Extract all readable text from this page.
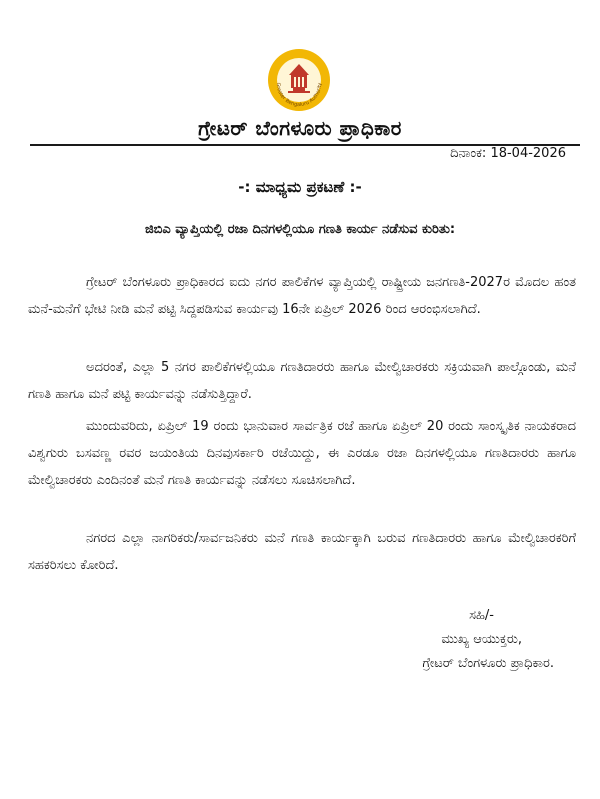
Greater Bengaluru Authority
ಗ್ರೇಟರ್ ಬೆಂಗಳೂರು ಪ್ರಾಧಿಕಾರ
ದಿನಾಂಕ: 18-04-2026
-: ಮಾಧ್ಯಮ ಪ್ರಕಟಣೆ :-
ಜಿಬಿಎ ವ್ಯಾಪ್ತಿಯಲ್ಲಿ ರಜಾ ದಿನಗಳಲ್ಲಿಯೂ ಗಣತಿ ಕಾರ್ಯ ನಡೆಸುವ ಕುರಿತು:

ಗ್ರೇಟರ್ ಬೆಂಗಳೂರು ಪ್ರಾಧಿಕಾರದ ಐದು ನಗರ ಪಾಲಿಕೆಗಳ ವ್ಯಾಪ್ತಿಯಲ್ಲಿ ರಾಷ್ಟ್ರೀಯ ಜನಗಣತಿ-2027ರ ಮೊದಲ ಹಂತ ಮನೆ-ಮನೆಗೆ ಭೇಟಿ ನೀಡಿ ಮನೆ ಪಟ್ಟಿ ಸಿದ್ದಪಡಿಸುವ ಕಾರ್ಯವು 16ನೇ ಏಪ್ರಿಲ್ 2026 ರಿಂದ ಆರಂಭಿಸಲಾಗಿದೆ.

ಅದರಂತೆ, ಎಲ್ಲಾ 5 ನಗರ ಪಾಲಿಕೆಗಳಲ್ಲಿಯೂ ಗಣತಿದಾರರು ಹಾಗೂ ಮೇಲ್ವಿಚಾರಕರು ಸಕ್ರಿಯವಾಗಿ ಪಾಲ್ಗೊಂಡು, ಮನೆ ಗಣತಿ ಹಾಗೂ ಮನೆ ಪಟ್ಟಿ ಕಾರ್ಯವನ್ನು ನಡೆಸುತ್ತಿದ್ದಾರೆ.

ಮುಂದುವರಿದು, ಏಪ್ರಿಲ್ 19 ರಂದು ಭಾನುವಾರ ಸಾರ್ವತ್ರಿಕ ರಜೆ ಹಾಗೂ ಏಪ್ರಿಲ್ 20 ರಂದು ಸಾಂಸ್ಕೃತಿಕ ನಾಯಕರಾದ ವಿಶ್ವಗುರು ಬಸವಣ್ಣ ರವರ ಜಯಂತಿಯ ದಿನವುಸರ್ಕಾರಿ ರಜೆಯಿದ್ದು, ಈ ಎರಡೂ ರಜಾ ದಿನಗಳಲ್ಲಿಯೂ ಗಣತಿದಾರರು ಹಾಗೂ ಮೇಲ್ವಿಚಾರಕರು ಎಂದಿನಂತೆ ಮನೆ ಗಣತಿ ಕಾರ್ಯವನ್ನು ನಡೆಸಲು ಸೂಚಿಸಲಾಗಿದೆ.

ನಗರದ ಎಲ್ಲಾ ನಾಗರಿಕರು/ಸಾರ್ವಜನಿಕರು ಮನೆ ಗಣತಿ ಕಾರ್ಯಕ್ಕಾಗಿ ಬರುವ ಗಣತಿದಾರರು ಹಾಗೂ ಮೇಲ್ವಿಚಾರಕರಿಗೆ ಸಹಕರಿಸಲು ಕೋರಿದೆ.

ಸಹಿ/-
ಮುಖ್ಯ ಆಯುಕ್ತರು,
ಗ್ರೇಟರ್ ಬೆಂಗಳೂರು ಪ್ರಾಧಿಕಾರ.
